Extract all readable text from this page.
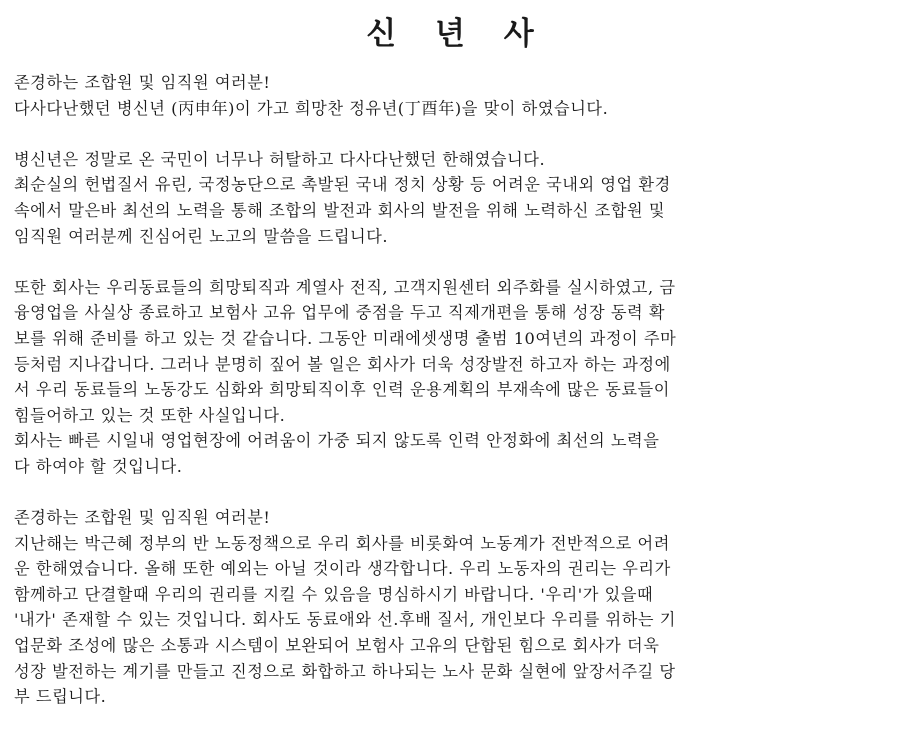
신 년 사
존경하는 조합원 및 임직원 여러분!
다사다난했던 병신년 (丙申年)이 가고 희망찬 정유년(丁酉年)을 맞이 하였습니다.
병신년은 정말로 온 국민이 너무나 허탈하고 다사다난했던 한해였습니다.
최순실의 헌법질서 유린, 국정농단으로 촉발된 국내 정치 상황 등 어려운 국내외 영업 환경
속에서 말은바 최선의 노력을 통해 조합의 발전과 회사의 발전을 위해 노력하신 조합원 및
임직원 여러분께 진심어린 노고의 말씀을 드립니다.
또한 회사는 우리동료들의 희망퇴직과 계열사 전직, 고객지원센터 외주화를 실시하였고, 금
융영업을 사실상 종료하고 보험사 고유 업무에 중점을 두고 직제개편을 통해 성장 동력 확
보를 위해 준비를 하고 있는 것 같습니다. 그동안 미래에셋생명 출범 10여년의 과정이 주마
등처럼 지나갑니다. 그러나 분명히 짚어 볼 일은 회사가 더욱 성장발전 하고자 하는 과정에
서 우리 동료들의 노동강도 심화와 희망퇴직이후 인력 운용계획의 부재속에 많은 동료들이
힘들어하고 있는 것 또한 사실입니다.
회사는 빠른 시일내 영업현장에 어려움이 가중 되지 않도록 인력 안정화에 최선의 노력을
다 하여야 할 것입니다.
존경하는 조합원 및 임직원 여러분!
지난해는 박근혜 정부의 반 노동정책으로 우리 회사를 비롯화여 노동계가 전반적으로 어려
운 한해였습니다. 올해 또한 예외는 아닐 것이라 생각합니다. 우리 노동자의 권리는 우리가
함께하고 단결할때 우리의 권리를 지킬 수 있음을 명심하시기 바랍니다. '우리'가 있을때
'내가' 존재할 수 있는 것입니다. 회사도 동료애와 선.후배 질서, 개인보다 우리를 위하는 기
업문화 조성에 많은 소통과 시스템이 보완되어 보험사 고유의 단합된 힘으로 회사가 더욱
성장 발전하는 계기를 만들고 진정으로 화합하고 하나되는 노사 문화 실현에 앞장서주길 당
부 드립니다.
